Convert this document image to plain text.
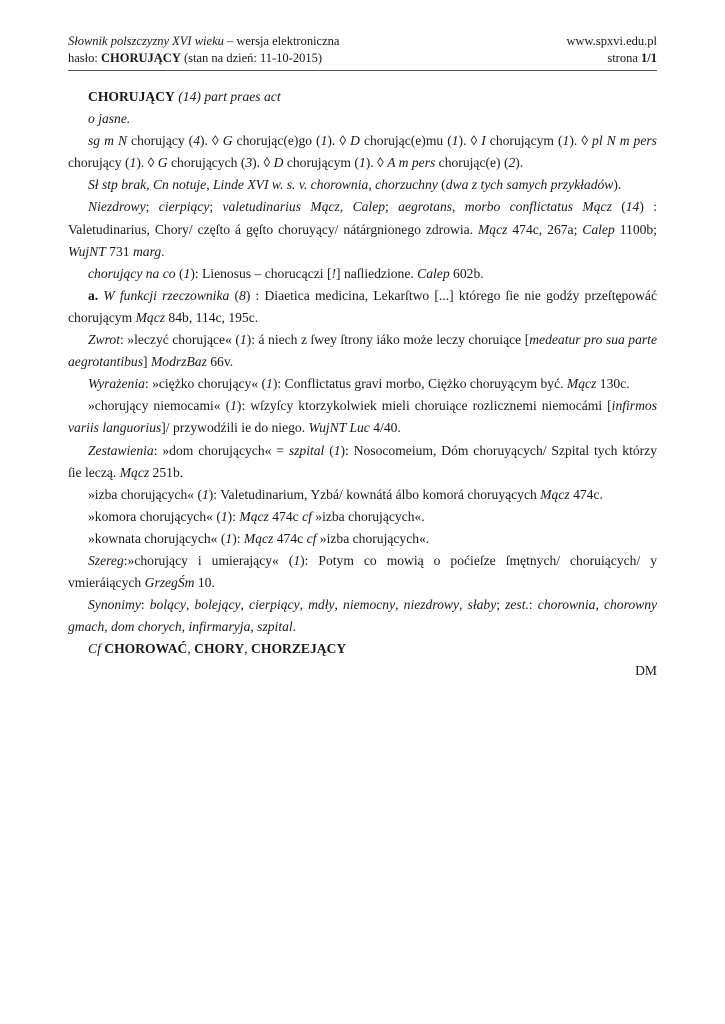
Słownik polszczyzny XVI wieku – wersja elektroniczna	www.spxvi.edu.pl
hasło: CHORUJĄCY (stan na dzień: 11-10-2015)	strona 1/1

CHORUJĄCY (14) part praes act

o jasne.

sg m N chorujący (4). ◊ G chorując(e)go (1). ◊ D chorując(e)mu (1). ◊ I chorującym (1). ◊ pl N m pers chorujący (1). ◊ G chorujących (3). ◊ D chorującym (1). ◊ A m pers chorując(e) (2).

Sł stp brak, Cn notuje, Linde XVI w. s. v. chorownia, chorzuchny (dwa z tych samych przykładów).

Niezdrowy; cierpiący; valetudinarius Mącz, Calep; aegrotans, morbo conflictatus Mącz (14) : Valetudinarius, Chory/ częſto á gęſto choruyący/ nátárgnionego zdrowia. Mącz 474c, 267a; Calep 1100b; WujNT 731 marg.

chorujący na co (1): Lienosus – chorucączi [!] naſliedzione. Calep 602b.

a. W funkcji rzeczownika (8) : Diaetica medicina, Lekarſtwo [...] którego ſie nie godźy przeſtępowáć chorującym Mącz 84b, 114c, 195c.

Zwrot: »leczyć chorujące« (1): á niech z ſwey ſtrony iáko może leczy choruiące [medeatur pro sua parte aegrotantibus] ModrzBaz 66v.

Wyrażenia: »ciężko chorujący« (1): Conflictatus gravi morbo, Ciężko choruyącym być. Mącz 130c.

»chorujący niemocami« (1): wſzyſcy ktorzykolwiek mieli choruiące rozlicznemi niemocámi [infirmos variis languorius]/ przywodźili ie do niego. WujNT Luc 4/40.

Zestawienia: »dom chorujących« = szpital (1): Nosocomeium, Dóm choruyących/ Szpital tych którzy ſie leczą. Mącz 251b.

»izba chorujących« (1): Valetudinarium, Yzbá/ kownátá álbo komorá choruyących Mącz 474c.

»komora chorujących« (1): Mącz 474c cf »izba chorujących«.

»kownata chorujących« (1): Mącz 474c cf »izba chorujących«.

Szereg:»chorujący i umierający« (1): Potym co mowią o poćieſze ſmętnych/ choruiących/ y vmieráiących GrzegŚm 10.

Synonimy: bolący, bolejący, cierpiący, mdły, niemocny, niezdrowy, słaby; zest.: chorownia, chorowny gmach, dom chorych, infirmaryja, szpital.

Cf CHOROWAĆ, CHORY, CHORZEJĄCY

DM
